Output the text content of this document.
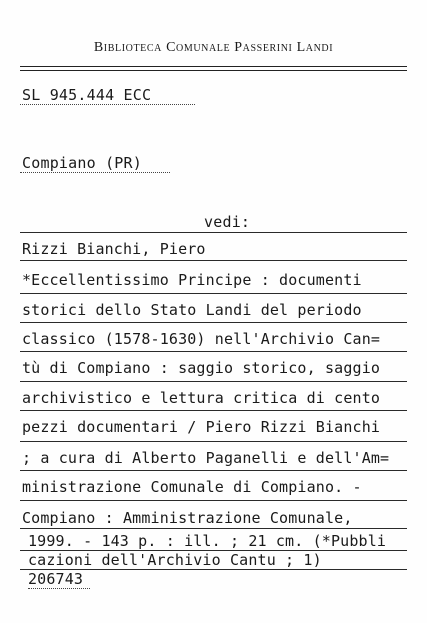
Biblioteca Comunale Passerini Landi
SL 945.444 ECC
Compiano (PR)
vedi:
Rizzi Bianchi, Piero
*Eccellentissimo Principe : documenti
storici dello Stato Landi del periodo
classico (1578-1630) nell'Archivio Can=
tù di Compiano : saggio storico, saggio
archivistico e lettura critica di cento
pezzi documentari / Piero Rizzi Bianchi
; a cura di Alberto Paganelli e dell'Am=
ministrazione Comunale di Compiano. -
Compiano : Amministrazione Comunale,
1999. - 143 p. : ill. ; 21 cm. (*Pubbli
cazioni dell'Archivio Cantu ; 1)
206743
